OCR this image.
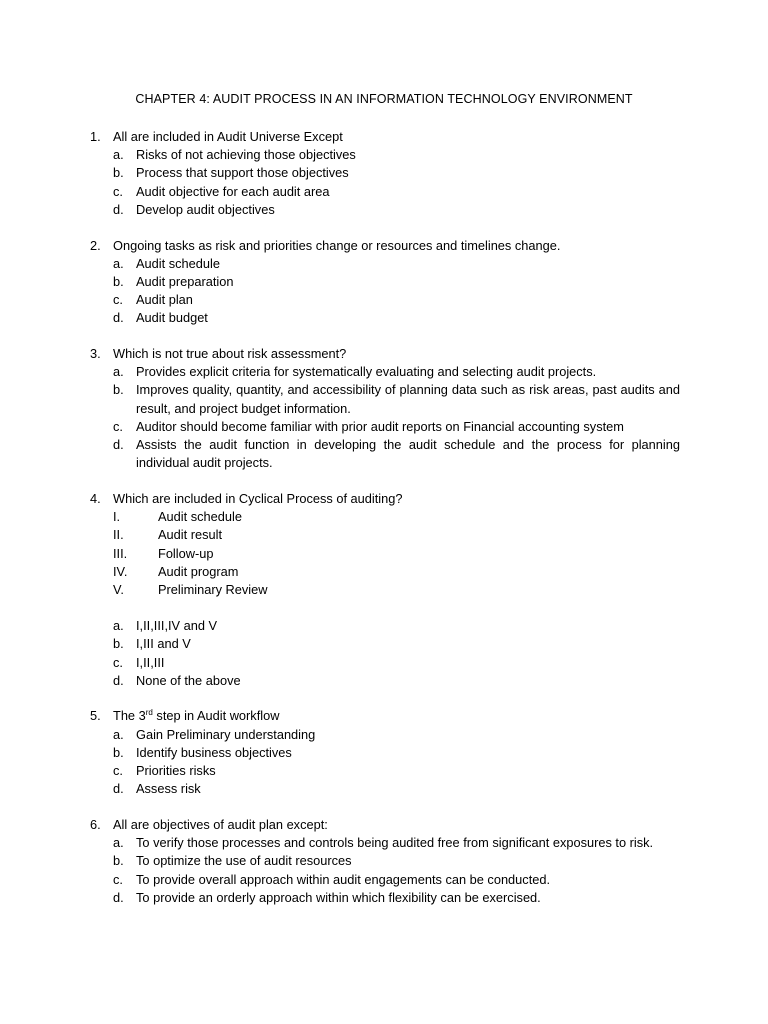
CHAPTER 4: AUDIT PROCESS IN AN INFORMATION TECHNOLOGY ENVIRONMENT
1. All are included in Audit Universe Except
a. Risks of not achieving those objectives
b. Process that support those objectives
c. Audit objective for each audit area
d. Develop audit objectives
2. Ongoing tasks as risk and priorities change or resources and timelines change.
a. Audit schedule
b. Audit preparation
c. Audit plan
d. Audit budget
3. Which is not true about risk assessment?
a. Provides explicit criteria for systematically evaluating and selecting audit projects.
b. Improves quality, quantity, and accessibility of planning data such as risk areas, past audits and result, and project budget information.
c. Auditor should become familiar with prior audit reports on Financial accounting system
d. Assists the audit function in developing the audit schedule and the process for planning individual audit projects.
4. Which are included in Cyclical Process of auditing?
I.	Audit schedule
II.	Audit result
III. Follow-up
IV. Audit program
V.	Preliminary Review
a. I,II,III,IV and V
b. I,III and V
c. I,II,III
d. None of the above
5. The 3rd step in Audit workflow
a. Gain Preliminary understanding
b. Identify business objectives
c. Priorities risks
d. Assess risk
6. All are objectives of audit plan except:
a. To verify those processes and controls being audited free from significant exposures to risk.
b. To optimize the use of audit resources
c. To provide overall approach within audit engagements can be conducted.
d. To provide an orderly approach within which flexibility can be exercised.
